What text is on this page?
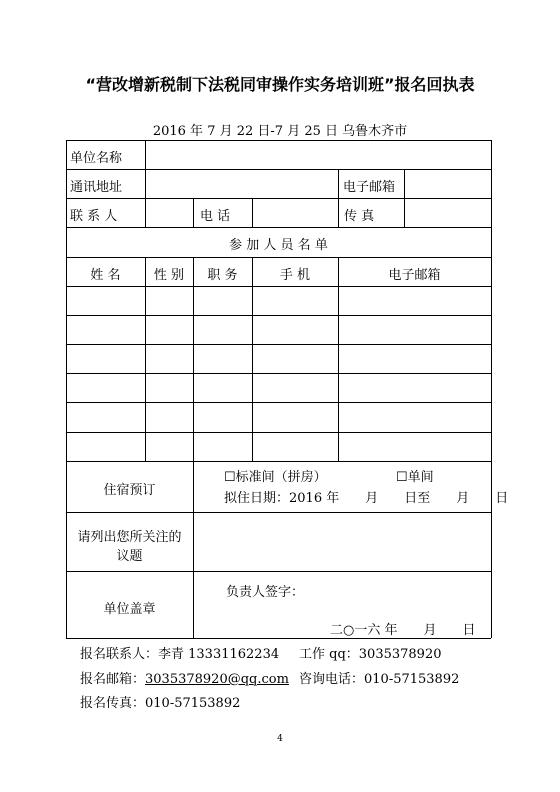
“营改增新税制下法税同审操作实务培训班”报名回执表
2016 年 7 月 22 日-7 月 25 日 乌鲁木齐市
单位名称
通讯地址	电子邮箱
联 系 人	电 话	传 真
参 加 人 员 名 单
姓 名	性 别	职 务	手 机	电子邮箱
住宿预订
☐标准间（拼房）	☐单间
拟住日期：2016 年　　月　　日至　　月　　日
请列出您所关注的
议题
单位盖章
负责人签字：
二○一六 年　　月　　日
报名联系人：李青 13331162234 工作 qq：3035378920
报名邮箱：3035378920@qq.com 咨询电话：010-57153892
报名传真：010-57153892
4
